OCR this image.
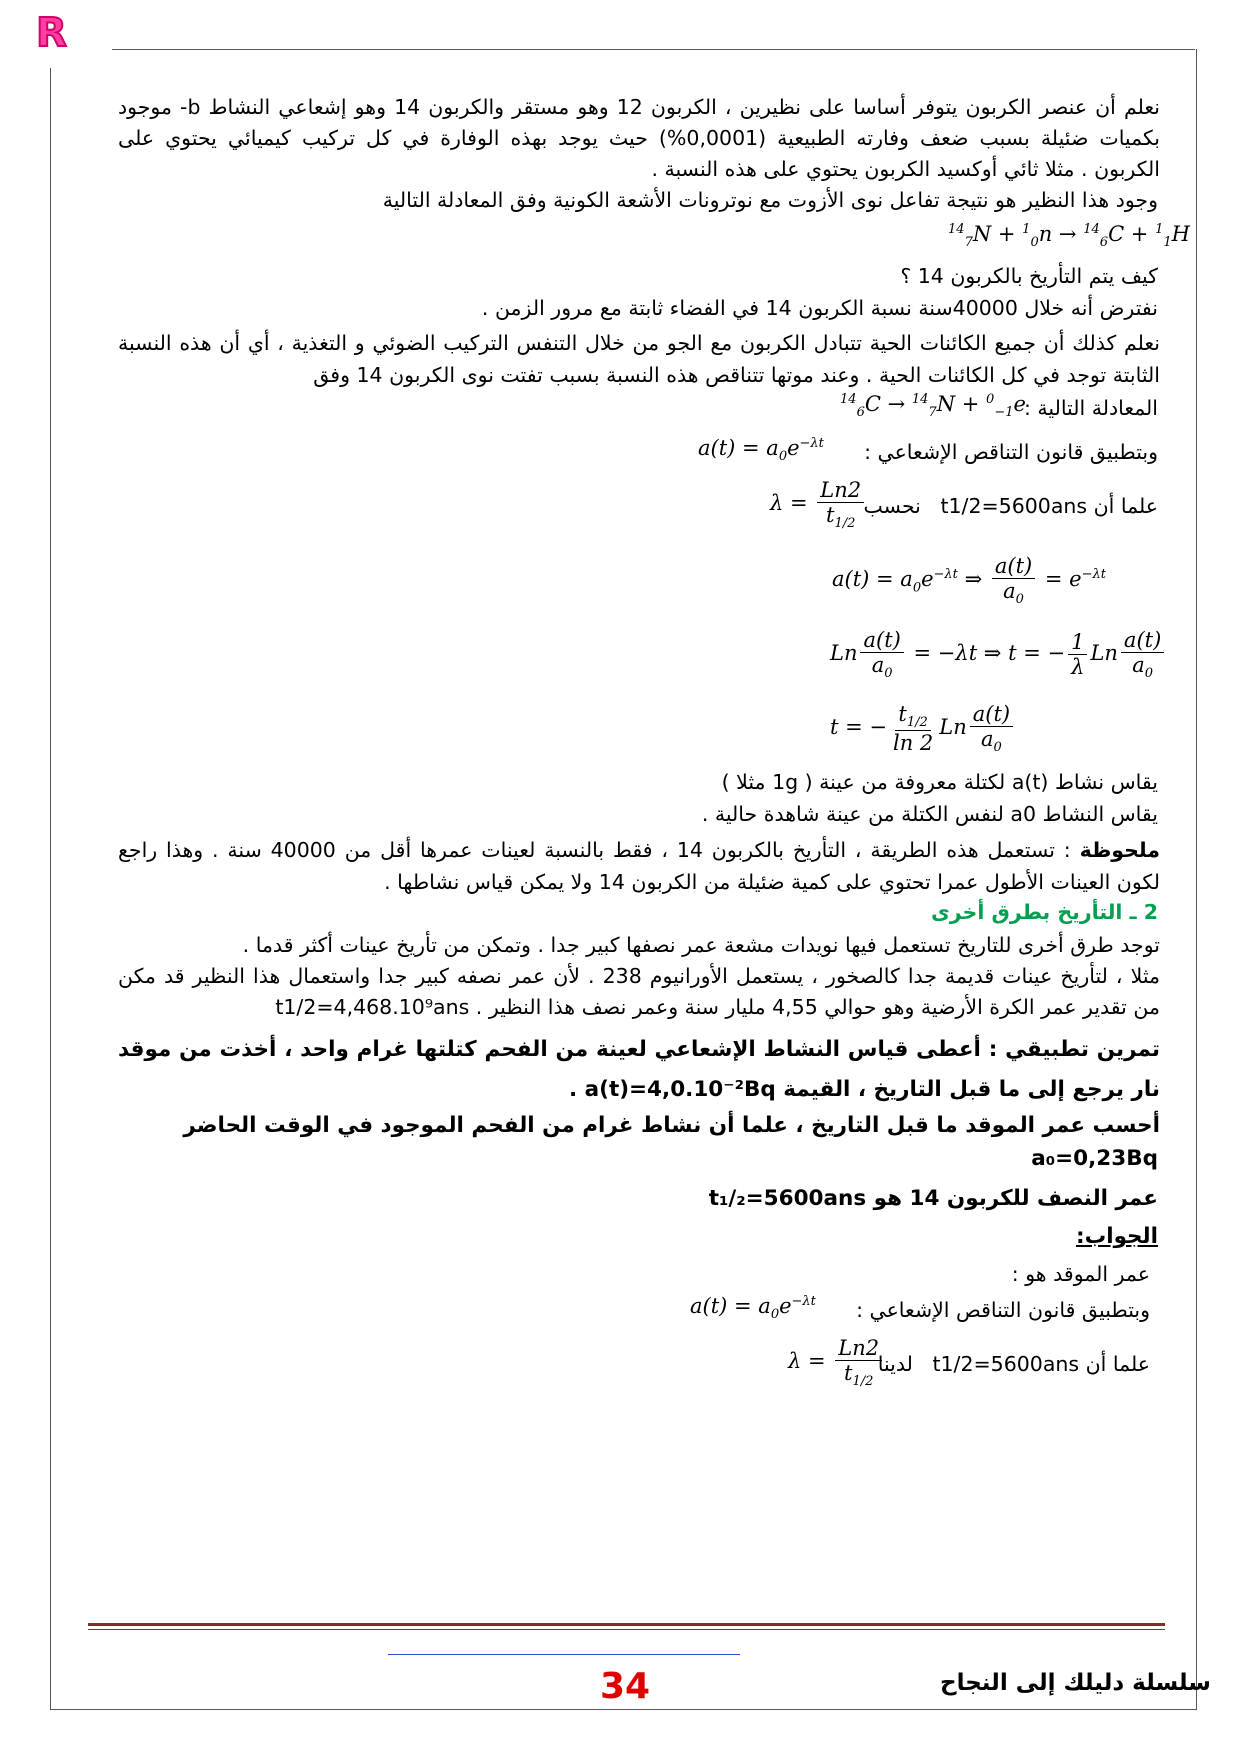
R
نعلم أن عنصر الكربون يتوفر أساسا على نظيرين ، الكربون 12 وهو مستقر والكربون 14 وهو إشعاعي النشاط b- موجود بكميات ضئيلة بسبب ضعف وفارته الطبيعية (0,0001%) حيث يوجد بهذه الوفارة في كل تركيب كيميائي يحتوي على الكربون . مثلا ثائي أوكسيد الكربون يحتوي على هذه النسبة .
وجود هذا النظير هو نتيجة تفاعل نوى الأزوت مع نوترونات الأشعة الكونية وفق المعادلة التالية
$^{14}_7$N + $^1_0$n → $^{14}_6$C + $^1_1$H
كيف يتم التأريخ بالكربون 14 ؟
نفترض أنه خلال 40000سنة نسبة الكربون 14 في الفضاء ثابتة مع مرور الزمن .
نعلم كذلك أن جميع الكائنات الحية تتبادل الكربون مع الجو من خلال التنفس التركيب الضوئي و التغذية ، أي أن هذه النسبة الثابتة توجد في كل الكائنات الحية . وعند موتها تتناقص هذه النسبة بسبب تفتت نوى الكربون 14 وفق
المعادلة التالية :
$^{14}_6$C → $^{14}_7$N + $^0_{-1}$e
وبتطبيق قانون التناقص الإشعاعي :
$a(t) = a_0e^{-\lambda t}$
علما أن t1/2=5600ans   نحسب
$\lambda = \frac{Ln2}{t_{1/2}}$
$a(t) = a_0e^{-\lambda t}$ ⇒ $\frac{a(t)}{a_0} = e^{-\lambda t}$
Ln $\frac{a(t)}{a_0} = -\lambda t$ ⇒ t = − $\frac{1}{\lambda}$ Ln $\frac{a(t)}{a_0}$
t = − $\frac{t_{1/2}}{\ln 2}$ Ln $\frac{a(t)}{a_0}$
يقاس نشاط a(t) لكتلة معروفة من عينة ( 1g مثلا )
يقاس النشاط a0 لنفس الكتلة من عينة شاهدة حالية .
ملحوظة : تستعمل هذه الطريقة ، التأريخ بالكربون 14 ، فقط بالنسبة لعينات عمرها أقل من 40000 سنة . وهذا راجع لكون العينات الأطول عمرا تحتوي على كمية ضئيلة من الكربون 14 ولا يمكن قياس نشاطها .
2 ـ التأريخ بطرق أخرى
توجد طرق أخرى للتاريخ تستعمل فيها نويدات مشعة عمر نصفها كبير جدا . وتمكن من تأريخ عينات أكثر قدما .
مثلا ، لتأريخ عينات قديمة جدا كالصخور ، يستعمل الأورانيوم 238 . لأن عمر نصفه كبير جدا واستعمال هذا النظير قد مكن من تقدير عمر الكرة الأرضية وهو حوالي 4,55 مليار سنة وعمر نصف هذا النظير t1/2=4,468.10⁹ans .
تمرين تطبيقي : أعطى قياس النشاط الإشعاعي لعينة من الفحم كتلتها غرام واحد ، أخذت من موقد نار يرجع إلى ما قبل التاريخ ، القيمة a(t)=4,0.10⁻²Bq .
أحسب عمر الموقد ما قبل التاريخ ، علما أن نشاط غرام من الفحم الموجود في الوقت الحاضر
a₀=0,23Bq
عمر النصف للكربون 14 هو t₁/₂=5600ans
الجواب:
عمر الموقد هو :
وبتطبيق قانون التناقص الإشعاعي :
$a(t) = a_0e^{-\lambda t}$
علما أن t1/2=5600ans   لدينا
$\lambda = \frac{Ln2}{t_{1/2}}$
34	سلسلة دليلك إلى النجاح
